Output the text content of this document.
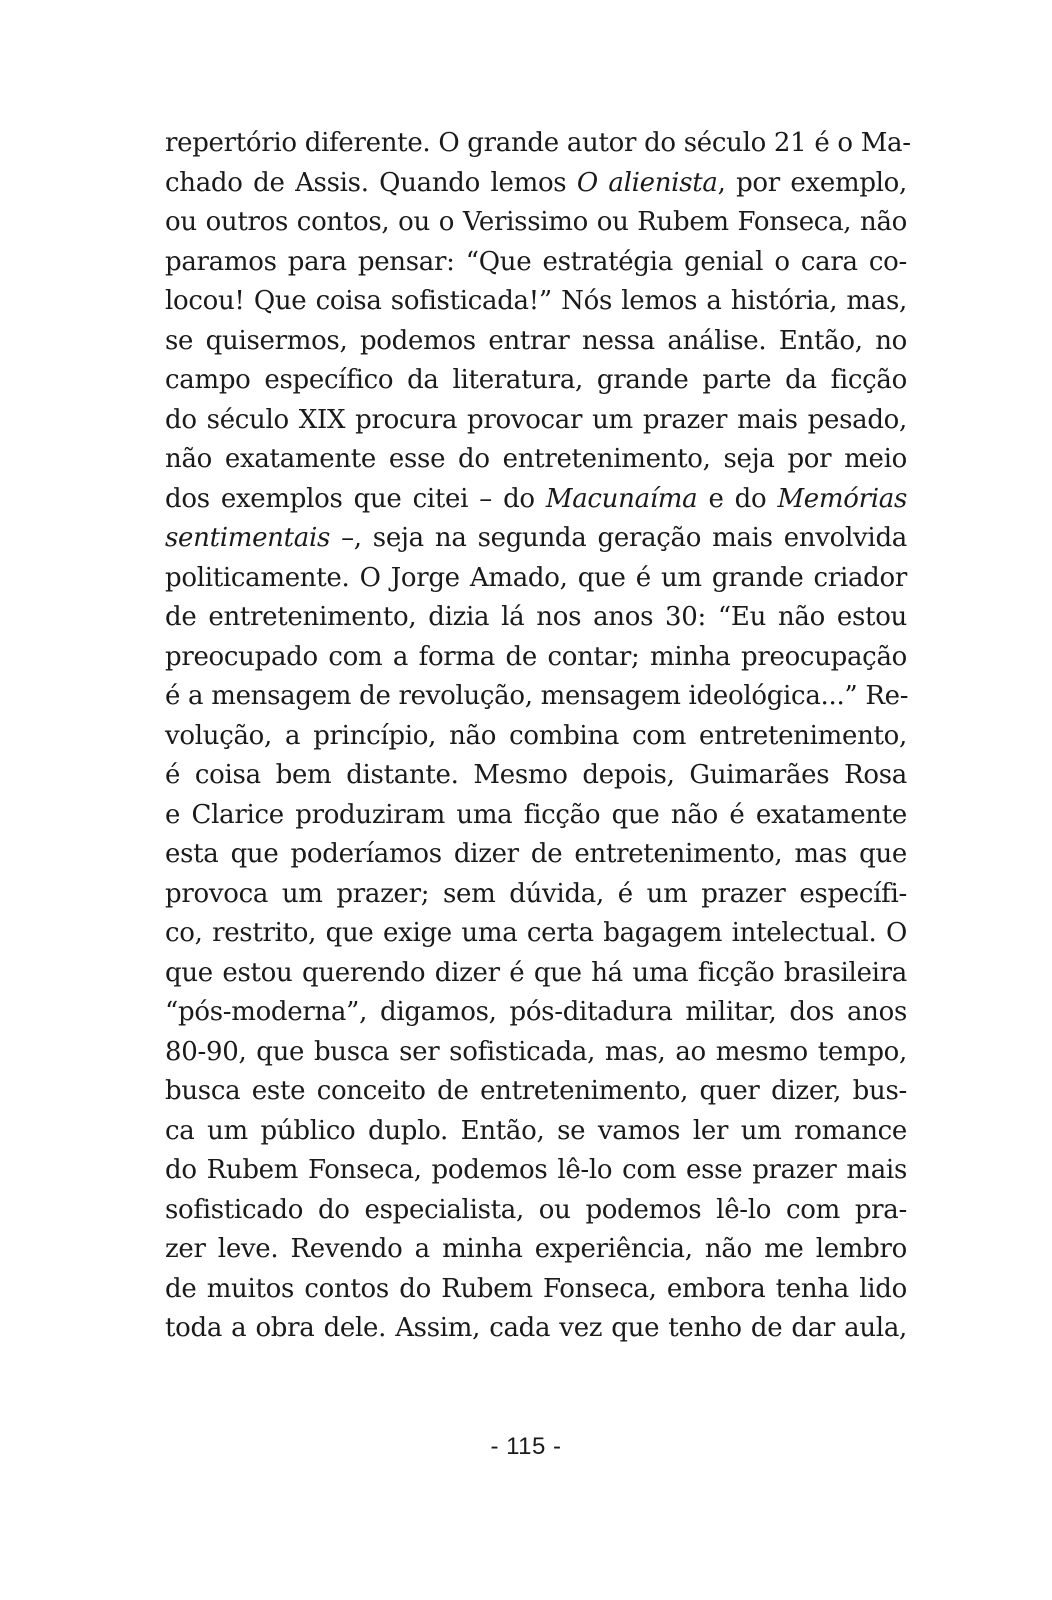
repertório diferente. O grande autor do século 21 é o Ma-
chado de Assis. Quando lemos O alienista, por exemplo,
ou outros contos, ou o Verissimo ou Rubem Fonseca, não
paramos para pensar: “Que estratégia genial o cara co-
locou! Que coisa sofisticada!” Nós lemos a história, mas,
se quisermos, podemos entrar nessa análise. Então, no
campo específico da literatura, grande parte da ficção
do século XIX procura provocar um prazer mais pesado,
não exatamente esse do entretenimento, seja por meio
dos exemplos que citei – do Macunaíma e do Memórias
sentimentais –, seja na segunda geração mais envolvida
politicamente. O Jorge Amado, que é um grande criador
de entretenimento, dizia lá nos anos 30: “Eu não estou
preocupado com a forma de contar; minha preocupação
é a mensagem de revolução, mensagem ideológica...” Re-
volução, a princípio, não combina com entretenimento,
é coisa bem distante. Mesmo depois, Guimarães Rosa
e Clarice produziram uma ficção que não é exatamente
esta que poderíamos dizer de entretenimento, mas que
provoca um prazer; sem dúvida, é um prazer específi-
co, restrito, que exige uma certa bagagem intelectual. O
que estou querendo dizer é que há uma ficção brasileira
“pós-moderna”, digamos, pós-ditadura militar, dos anos
80-90, que busca ser sofisticada, mas, ao mesmo tempo,
busca este conceito de entretenimento, quer dizer, bus-
ca um público duplo. Então, se vamos ler um romance
do Rubem Fonseca, podemos lê-lo com esse prazer mais
sofisticado do especialista, ou podemos lê-lo com pra-
zer leve. Revendo a minha experiência, não me lembro
de muitos contos do Rubem Fonseca, embora tenha lido
toda a obra dele. Assim, cada vez que tenho de dar aula,
- 115 -
